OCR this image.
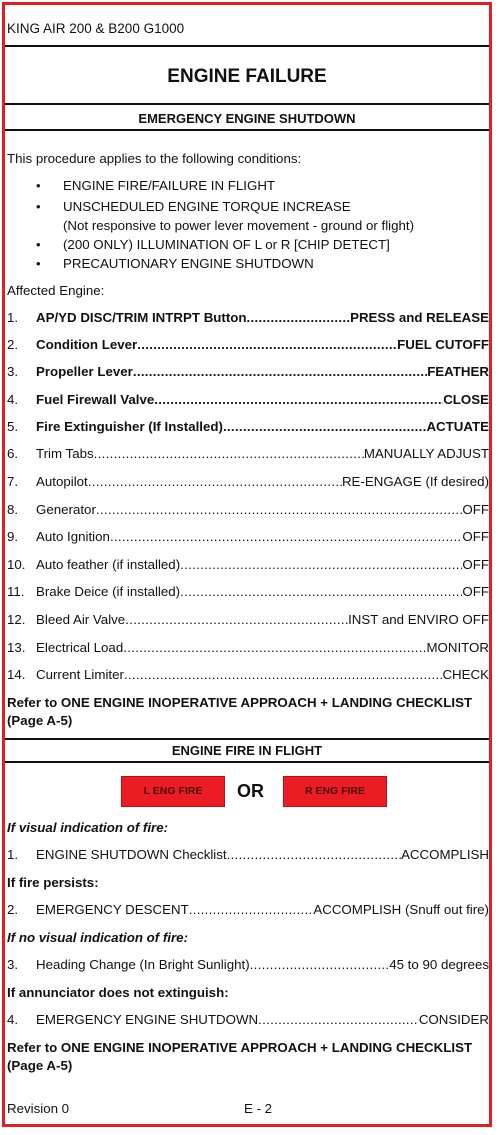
KING AIR 200 & B200 G1000
ENGINE FAILURE
EMERGENCY ENGINE SHUTDOWN
This procedure applies to the following conditions:
• ENGINE FIRE/FAILURE IN FLIGHT
• UNSCHEDULED ENGINE TORQUE INCREASE
(Not responsive to power lever movement - ground or flight)
• (200 ONLY) ILLUMINATION OF L or R [CHIP DETECT]
• PRECAUTIONARY ENGINE SHUTDOWN
Affected Engine:
1.	AP/YD DISC/TRIM INTRPT Button .....	PRESS and RELEASE
2.	Condition Lever .....	FUEL CUTOFF
3.	Propeller Lever .....	FEATHER
4.	Fuel Firewall Valve .....	CLOSE
5.	Fire Extinguisher (If Installed) .....	ACTUATE
6.	Trim Tabs .....	MANUALLY ADJUST
7.	Autopilot .....	RE-ENGAGE (If desired)
8.	Generator .....	OFF
9.	Auto Ignition .....	OFF
10. Auto feather (if installed) .....	OFF
11. Brake Deice (if installed) .....	OFF
12. Bleed Air Valve .....	INST and ENVIRO OFF
13. Electrical Load .....	MONITOR
14. Current Limiter .....	CHECK
Refer to ONE ENGINE INOPERATIVE APPROACH + LANDING CHECKLIST (Page A-5)
ENGINE FIRE IN FLIGHT
L ENG FIRE	OR	R ENG FIRE
If visual indication of fire:
1.	ENGINE SHUTDOWN Checklist .....	ACCOMPLISH
If fire persists:
2.	EMERGENCY DESCENT .....	ACCOMPLISH (Snuff out fire)
If no visual indication of fire:
3.	Heading Change (In Bright Sunlight) .....	45 to 90 degrees
If annunciator does not extinguish:
4.	EMERGENCY ENGINE SHUTDOWN .....	CONSIDER
Refer to ONE ENGINE INOPERATIVE APPROACH + LANDING CHECKLIST (Page A-5)
Revision 0	E - 2
